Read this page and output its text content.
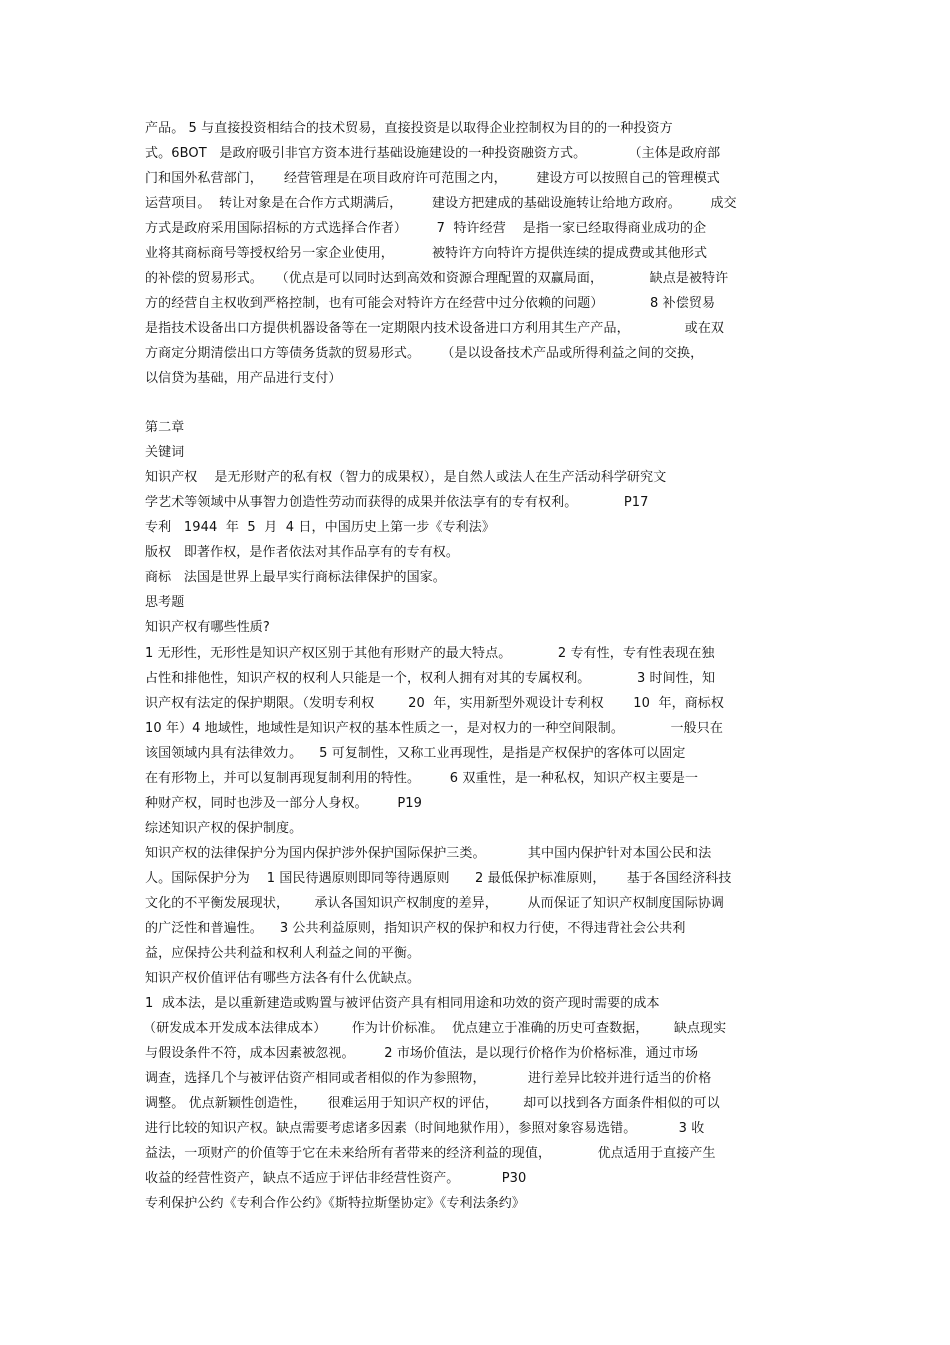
产品。 5 与直接投资相结合的技术贸易，直接投资是以取得企业控制权为目的的一种投资方
式。6BOT   是政府吸引非官方资本进行基础设施建设的一种投资融资方式。          （主体是政府部
门和国外私营部门，     经营管理是在项目政府许可范围之内，       建设方可以按照自己的管理模式
运营项目。  转让对象是在合作方式期满后，       建设方把建成的基础设施转让给地方政府。       成交
方式是政府采用国际招标的方式选择合作者）       7  特许经营    是指一家已经取得商业成功的企
业将其商标商号等授权给另一家企业使用，         被特许方向特许方提供连续的提成费或其他形式
的补偿的贸易形式。   （优点是可以同时达到高效和资源合理配置的双赢局面，           缺点是被特许
方的经营自主权收到严格控制，也有可能会对特许方在经营中过分依赖的问题）           8 补偿贸易
是指技术设备出口方提供机器设备等在一定期限内技术设备进口方利用其生产产品，             或在双
方商定分期清偿出口方等债务货款的贸易形式。     （是以设备技术产品或所得利益之间的交换，
以信贷为基础，用产品进行支付）
第二章
关键词
知识产权    是无形财产的私有权（智力的成果权），是自然人或法人在生产活动科学研究文
学艺术等领域中从事智力创造性劳动而获得的成果并依法享有的专有权利。           P17
专利   1944  年  5  月  4 日，中国历史上第一步《专利法》
版权   即著作权，是作者依法对其作品享有的专有权。
商标   法国是世界上最早实行商标法律保护的国家。
思考题
知识产权有哪些性质?
1 无形性，无形性是知识产权区别于其他有形财产的最大特点。           2 专有性，专有性表现在独
占性和排他性，知识产权的权利人只能是一个，权利人拥有对其的专属权利。           3 时间性，知
识产权有法定的保护期限。（发明专利权        20  年，实用新型外观设计专利权       10  年，商标权
10 年）4 地域性，地域性是知识产权的基本性质之一，是对权力的一种空间限制。           一般只在
该国领域内具有法律效力。    5 可复制性，又称工业再现性，是指是产权保护的客体可以固定
在有形物上，并可以复制再现复制利用的特性。       6 双重性，是一种私权，知识产权主要是一
种财产权，同时也涉及一部分人身权。       P19
综述知识产权的保护制度。
知识产权的法律保护分为国内保护涉外保护国际保护三类。          其中国内保护针对本国公民和法
人。国际保护分为    1 国民待遇原则即同等待遇原则      2 最低保护标准原则，     基于各国经济科技
文化的不平衡发展现状，      承认各国知识产权制度的差异，       从而保证了知识产权制度国际协调
的广泛性和普遍性。    3 公共利益原则，指知识产权的保护和权力行使，不得违背社会公共利
益，应保持公共利益和权利人利益之间的平衡。
知识产权价值评估有哪些方法各有什么优缺点。
1  成本法，是以重新建造或购置与被评估资产具有相同用途和功效的资产现时需要的成本
（研发成本开发成本法律成本）      作为计价标准。  优点建立于准确的历史可查数据，      缺点现实
与假设条件不符，成本因素被忽视。       2 市场价值法，是以现行价格作为价格标准，通过市场
调查，选择几个与被评估资产相同或者相似的作为参照物，          进行差异比较并进行适当的价格
调整。 优点新颖性创造性，     很难运用于知识产权的评估，      却可以找到各方面条件相似的可以
进行比较的知识产权。缺点需要考虑诸多因素（时间地狱作用），参照对象容易选错。          3 收
益法，一项财产的价值等于它在未来给所有者带来的经济利益的现值，           优点适用于直接产生
收益的经营性资产，缺点不适应于评估非经营性资产。          P30
专利保护公约《专利合作公约》《斯特拉斯堡协定》《专利法条约》
